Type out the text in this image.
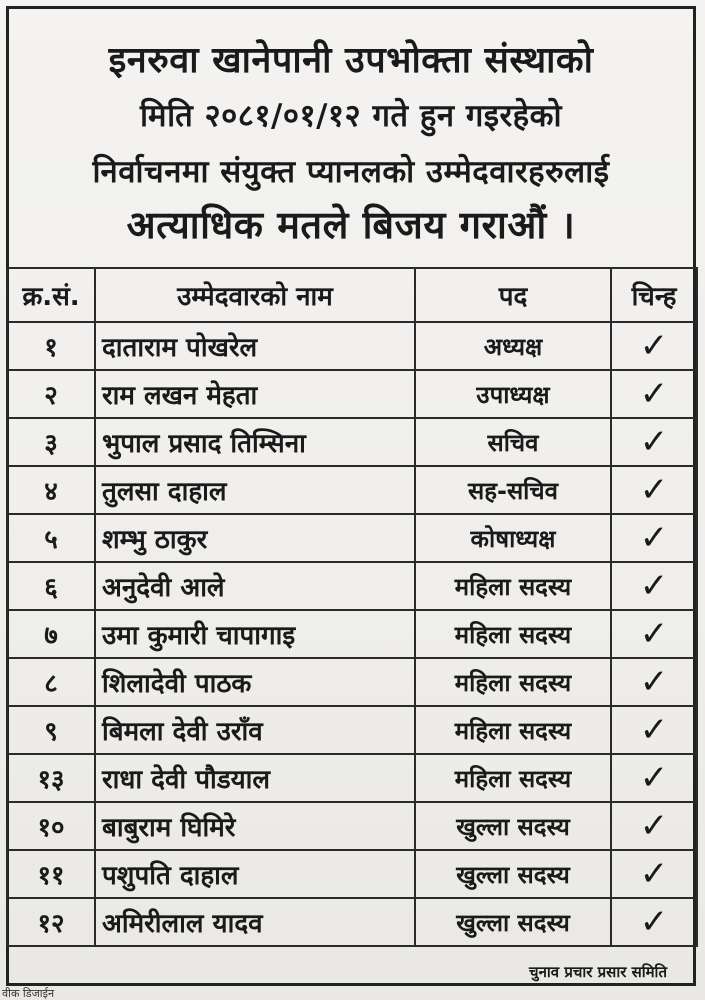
इनरुवा खानेपानी उपभोक्ता संस्थाको
मिति २०८१/०१/१२ गते हुन गइरहेको
निर्वाचनमा संयुक्त प्यानलको उम्मेदवारहरुलाई
अत्याधिक मतले बिजय गराऔं ।
क्र.सं.	उम्मेदवारको नाम	पद	चिन्ह
१	दाताराम पोखरेल	अध्यक्ष	✓
२	राम लखन मेहता	उपाध्यक्ष	✓
३	भुपाल प्रसाद तिम्सिना	सचिव	✓
४	तुलसा दाहाल	सह-सचिव	✓
५	शम्भु ठाकुर	कोषाध्यक्ष	✓
६	अनुदेवी आले	महिला सदस्य	✓
७	उमा कुमारी चापागाइ	महिला सदस्य	✓
८	शिलादेवी पाठक	महिला सदस्य	✓
९	बिमला देवी उराँव	महिला सदस्य	✓
१३	राधा देवी पौडयाल	महिला सदस्य	✓
१०	बाबुराम घिमिरे	खुल्ला सदस्य	✓
११	पशुपति दाहाल	खुल्ला सदस्य	✓
१२	अमिरीलाल यादव	खुल्ला सदस्य	✓
चुनाव प्रचार प्रसार समिति
वीक डिजाईन
